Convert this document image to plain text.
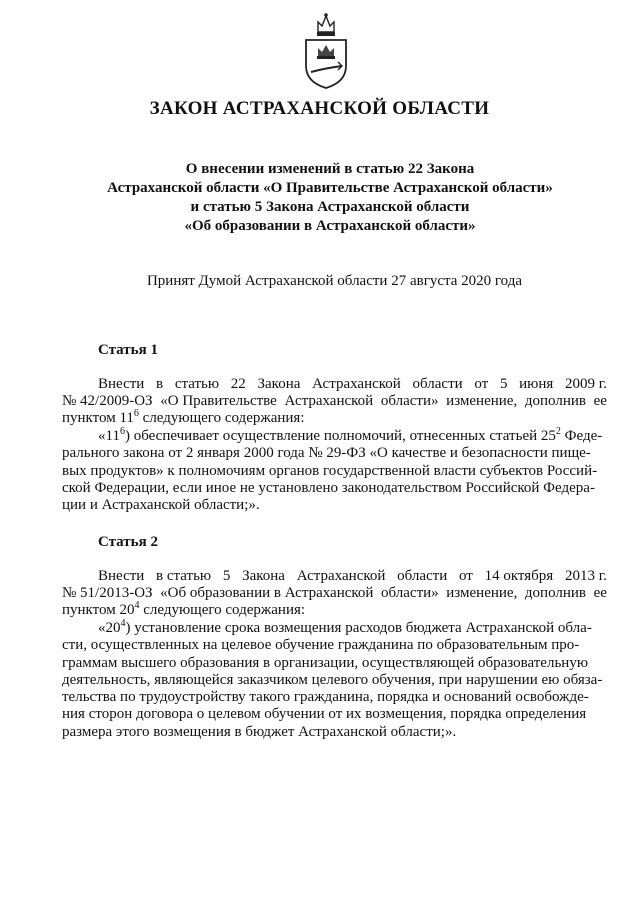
ЗАКОН АСТРАХАНСКОЙ ОБЛАСТИ
О внесении изменений в статью 22 Закона
Астраханской области «О Правительстве Астраханской области»
и статью 5 Закона Астраханской области
«Об образовании в Астраханской области»
Принят Думой Астраханской области 27 августа 2020 года
Статья 1
Внести в статью 22 Закона Астраханской области от 5 июня 2009 г.
№ 42/2009-ОЗ «О Правительстве Астраханской области» изменение, дополнив ее
пунктом $11^6$ следующего содержания:
«$11^6$) обеспечивает осуществление полномочий, отнесенных статьей $25^2$ Феде-
рального закона от 2 января 2000 года № 29-ФЗ «О качестве и безопасности пище-
вых продуктов» к полномочиям органов государственной власти субъектов Россий-
ской Федерации, если иное не установлено законодательством Российской Федера-
ции и Астраханской области;».
Статья 2
Внести в статью 5 Закона Астраханской области от 14 октября 2013 г.
№ 51/2013-ОЗ «Об образовании в Астраханской области» изменение, дополнив ее
пунктом $20^4$ следующего содержания:
«$20^4$) установление срока возмещения расходов бюджета Астраханской обла-
сти, осуществленных на целевое обучение гражданина по образовательным про-
граммам высшего образования в организации, осуществляющей образовательную
деятельность, являющейся заказчиком целевого обучения, при нарушении ею обяза-
тельства по трудоустройству такого гражданина, порядка и оснований освобожде-
ния сторон договора о целевом обучении от их возмещения, порядка определения
размера этого возмещения в бюджет Астраханской области;».
